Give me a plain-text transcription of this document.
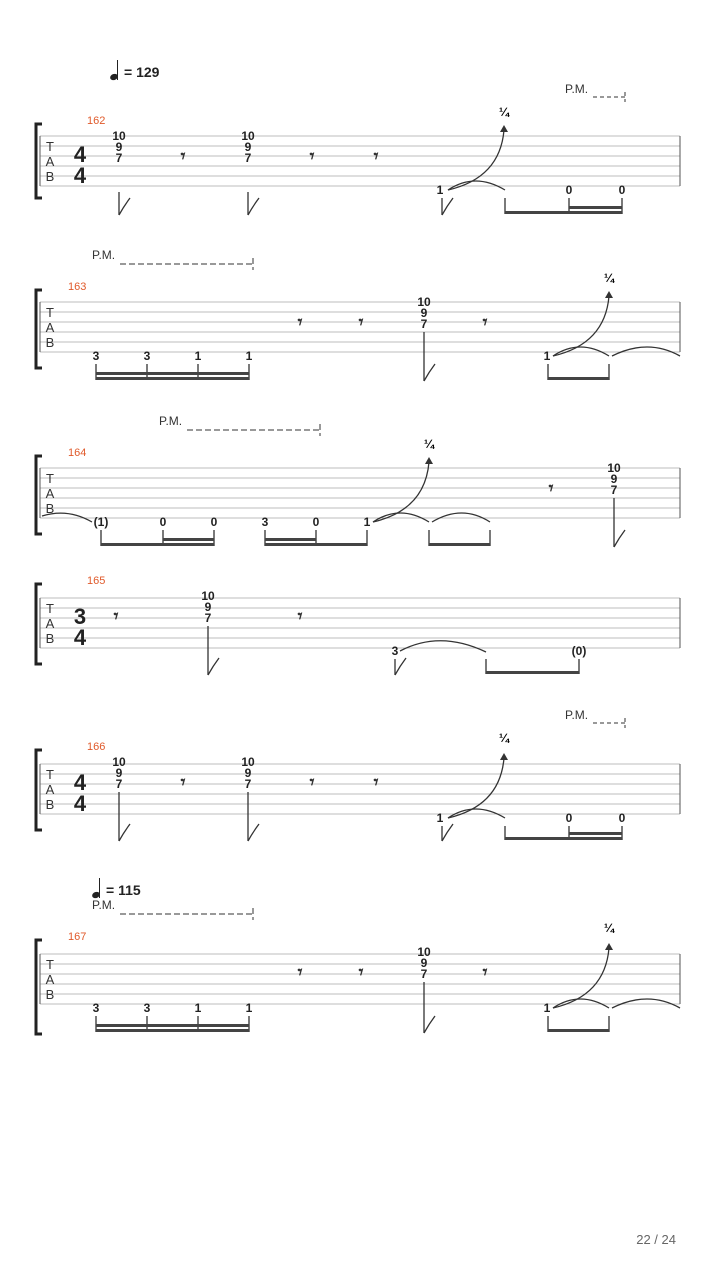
= 129
= 115
162
P.M.
T
A
B
4
4
10
9
7
10
9
7
1	0	0
¼
𝄾	𝄾	𝄾
163
P.M.
T
A
B
3	3	1	1
10
9
7
1
¼
𝄾	𝄾	𝄾
164
P.M.
T
A
B
(1)	0	0	3	0	1
10
9
7
¼
𝄾
165
T
A
B
3
4
10
9
7
3	(0)
𝄾	𝄾
166
P.M.
T
A
B
4
4
10
9
7
10
9
7
1	0	0
¼
𝄾	𝄾	𝄾
167
P.M.
T
A
B
3	3	1	1
10
9
7
1
¼
𝄾	𝄾	𝄾
22 / 24
